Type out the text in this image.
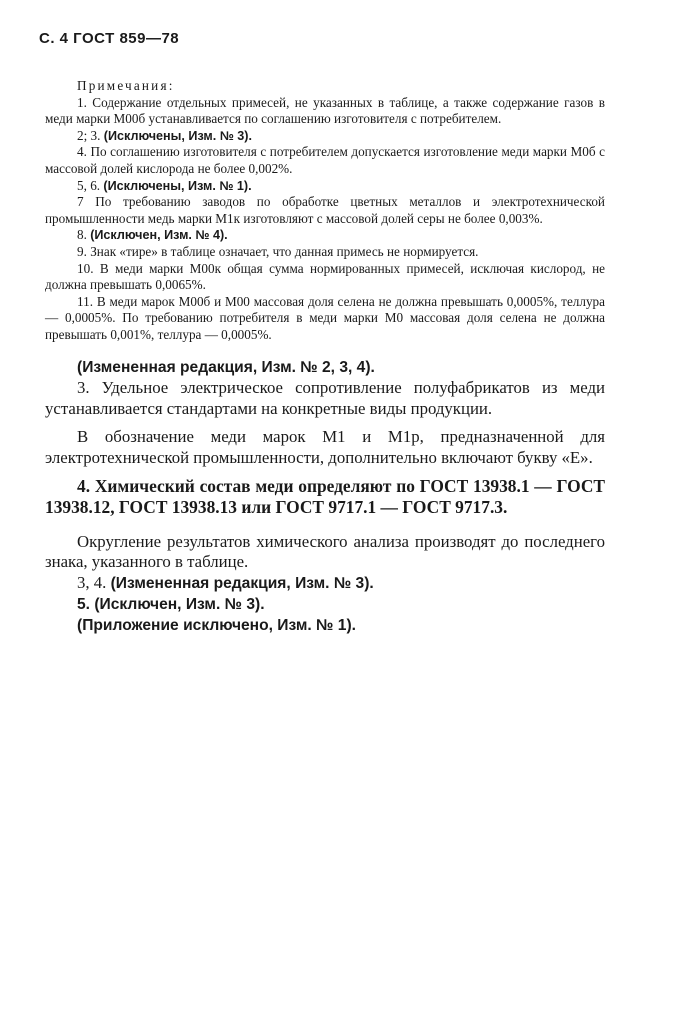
С. 4 ГОСТ 859—78

Примечания:

1. Содержание отдельных примесей, не указанных в таблице, а также содержание газов в меди марки М00б устанавливается по соглашению изготовителя с потребителем.

2; 3. (Исключены, Изм. № 3).

4. По соглашению изготовителя с потребителем допускается изготовление меди марки М0б с массовой долей кислорода не более 0,002%.

5, 6. (Исключены, Изм. № 1).

7 По требованию заводов по обработке цветных металлов и электротехнической промышленности медь марки М1к изготовляют с массовой долей серы не более 0,003%.

8. (Исключен, Изм. № 4).

9. Знак «тире» в таблице означает, что данная примесь не нормируется.

10. В меди марки М00к общая сумма нормированных примесей, исключая кислород, не должна превышать 0,0065%.

11. В меди марок М00б и М00 массовая доля селена не должна превышать 0,0005%, теллура — 0,0005%. По требованию потребителя в меди марки М0 массовая доля селена не должна превышать 0,001%, теллура — 0,0005%.

(Измененная редакция, Изм. № 2, 3, 4).

3. Удельное электрическое сопротивление полуфабрикатов из меди устанавливается стандартами на конкретные виды продукции.

В обозначение меди марок М1 и М1р, предназначенной для электротехнической промышленности, дополнительно включают букву «Е».

4. Химический состав меди определяют по ГОСТ 13938.1 — ГОСТ 13938.12, ГОСТ 13938.13 или ГОСТ 9717.1 — ГОСТ 9717.3.

Округление результатов химического анализа производят до последнего знака, указанного в таблице.

3, 4. (Измененная редакция, Изм. № 3).

5. (Исключен, Изм. № 3).

(Приложение исключено, Изм. № 1).
